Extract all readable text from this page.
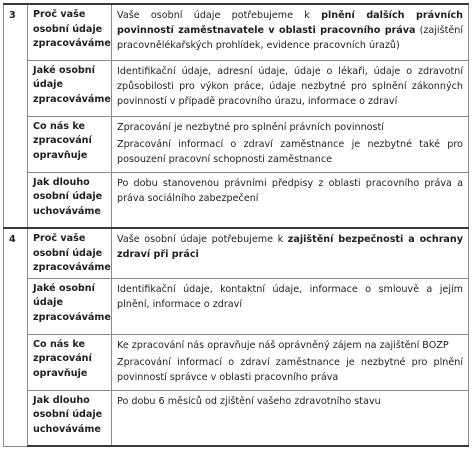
3	Proč vaše osobní údaje zpracováváme	Vaše osobní údaje potřebujeme k plnění dalších právních povinností zaměstnavatele v oblasti pracovního práva (zajištění pracovnělékařských prohlídek, evidence pracovních úrazů)

	Jaké osobní údaje zpracováváme	Identifikační údaje, adresní údaje, údaje o lékaři, údaje o zdravotní způsobilosti pro výkon práce, údaje nezbytné pro splnění zákonných povinností v případě pracovního úrazu, informace o zdraví

	Co nás ke zpracování opravňuje	Zpracování je nezbytné pro splnění právních povinností

Zpracování informací o zdraví zaměstnance je nezbytné také pro posouzení pracovní schopnosti zaměstnance

	Jak dlouho osobní údaje uchováváme	Po dobu stanovenou právními předpisy z oblasti pracovního práva a práva sociálního zabezpečení

4	Proč vaše osobní údaje zpracováváme	Vaše osobní údaje potřebujeme k zajištění bezpečnosti a ochrany zdraví při práci

	Jaké osobní údaje zpracováváme	Identifikační údaje, kontaktní údaje, informace o smlouvě a jejím plnění, informace o zdraví

	Co nás ke zpracování opravňuje	Ke zpracování nás opravňuje náš oprávněný zájem na zajištění BOZP

Zpracování informací o zdraví zaměstnance je nezbytné pro plnění povinností správce v oblasti pracovního práva

	Jak dlouho osobní údaje uchováváme	Po dobu 6 měsíců od zjištění vašeho zdravotního stavu
